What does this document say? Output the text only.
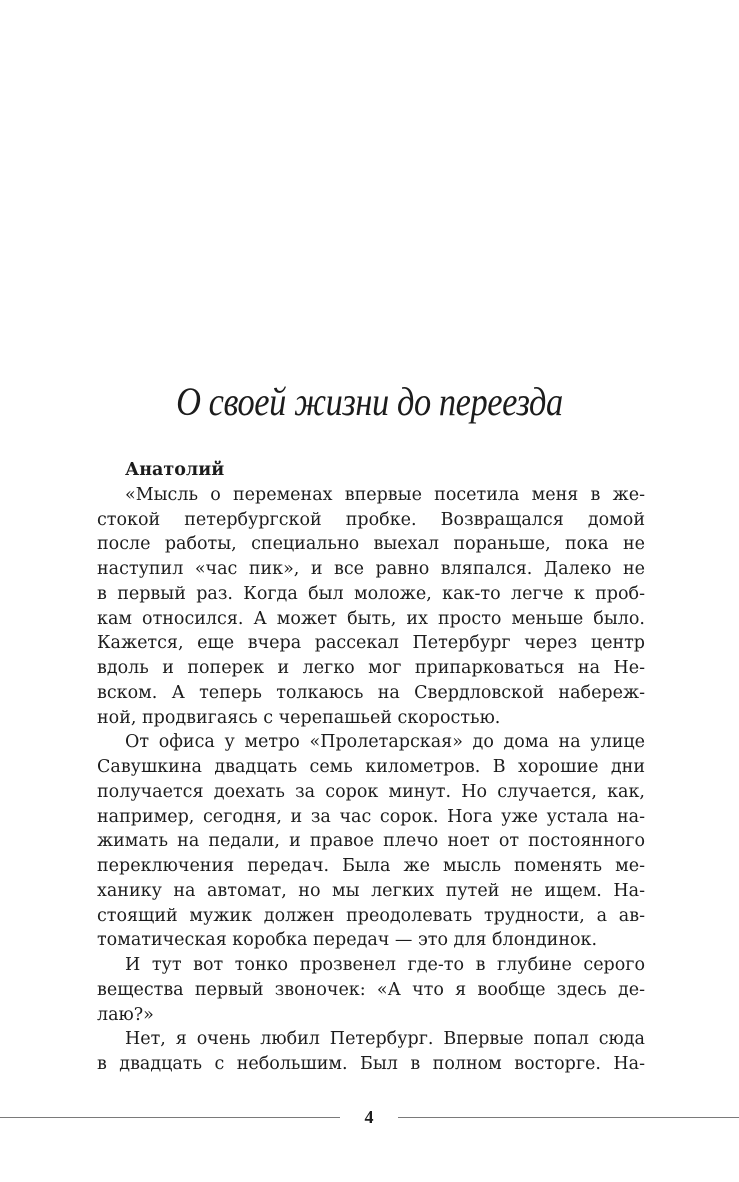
О своей жизни до переезда
Анатолий
«Мысль о переменах впервые посетила меня в же-
стокой петербургской пробке. Возвращался домой
после работы, специально выехал пораньше, пока не
наступил «час пик», и все равно вляпался. Далеко не
в первый раз. Когда был моложе, как-то легче к проб-
кам относился. А может быть, их просто меньше было.
Кажется, еще вчера рассекал Петербург через центр
вдоль и поперек и легко мог припарковаться на Не-
вском. А теперь толкаюсь на Свердловской набереж-
ной, продвигаясь с черепашьей скоростью.
От офиса у метро «Пролетарская» до дома на улице
Савушкина двадцать семь километров. В хорошие дни
получается доехать за сорок минут. Но случается, как,
например, сегодня, и за час сорок. Нога уже устала на-
жимать на педали, и правое плечо ноет от постоянного
переключения передач. Была же мысль поменять ме-
ханику на автомат, но мы легких путей не ищем. На-
стоящий мужик должен преодолевать трудности, а ав-
томатическая коробка передач — это для блондинок.
И тут вот тонко прозвенел где-то в глубине серого
вещества первый звоночек: «А что я вообще здесь де-
лаю?»
Нет, я очень любил Петербург. Впервые попал сюда
в двадцать с небольшим. Был в полном восторге. На-
4
